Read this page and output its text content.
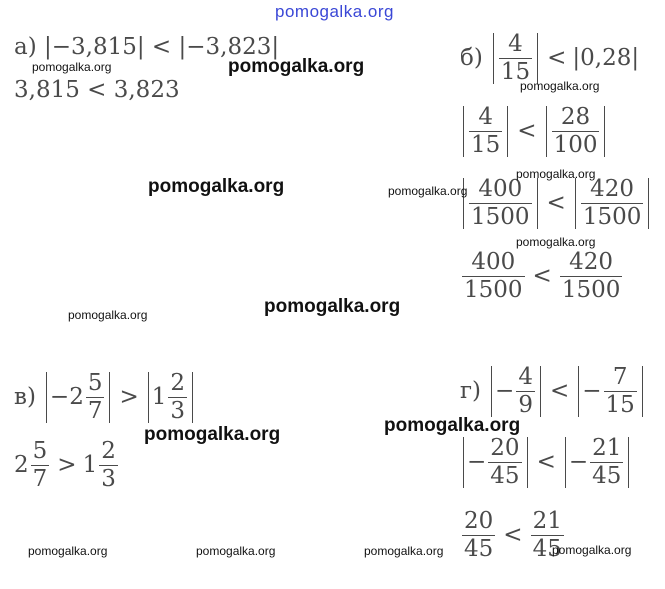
pomogalka.org
а) |−3,815| < |−3,823|
3,815 < 3,823
$б) \frac{4}{15} < |0,28|$
$\frac{4}{15} < \frac{28}{100}$
$\frac{400}{1500} < \frac{420}{1500}$
$\frac{400}{1500} < \frac{420}{1500}$
$в) - 2 \frac{5}{7} > 1 \frac{2}{3}$
$2 \frac{5}{7} > 1 \frac{2}{3}$
$г) - \frac{4}{9}$ < − $\frac{7}{15}$
− $\frac{20}{45}$ < − $\frac{21}{45}$
$\frac{20}{45} < \frac{21}{45}$
pomogalka.org	pomogalka.org
pomogalka.org
pomogalka.org
pomogalka.org	pomogalka.org
pomogalka.org
pomogalka.org
pomogalka.org
pomogalka.org
pomogalka.org
pomogalka.org	pomogalka.org	pomogalka.org	pomogalka.org
